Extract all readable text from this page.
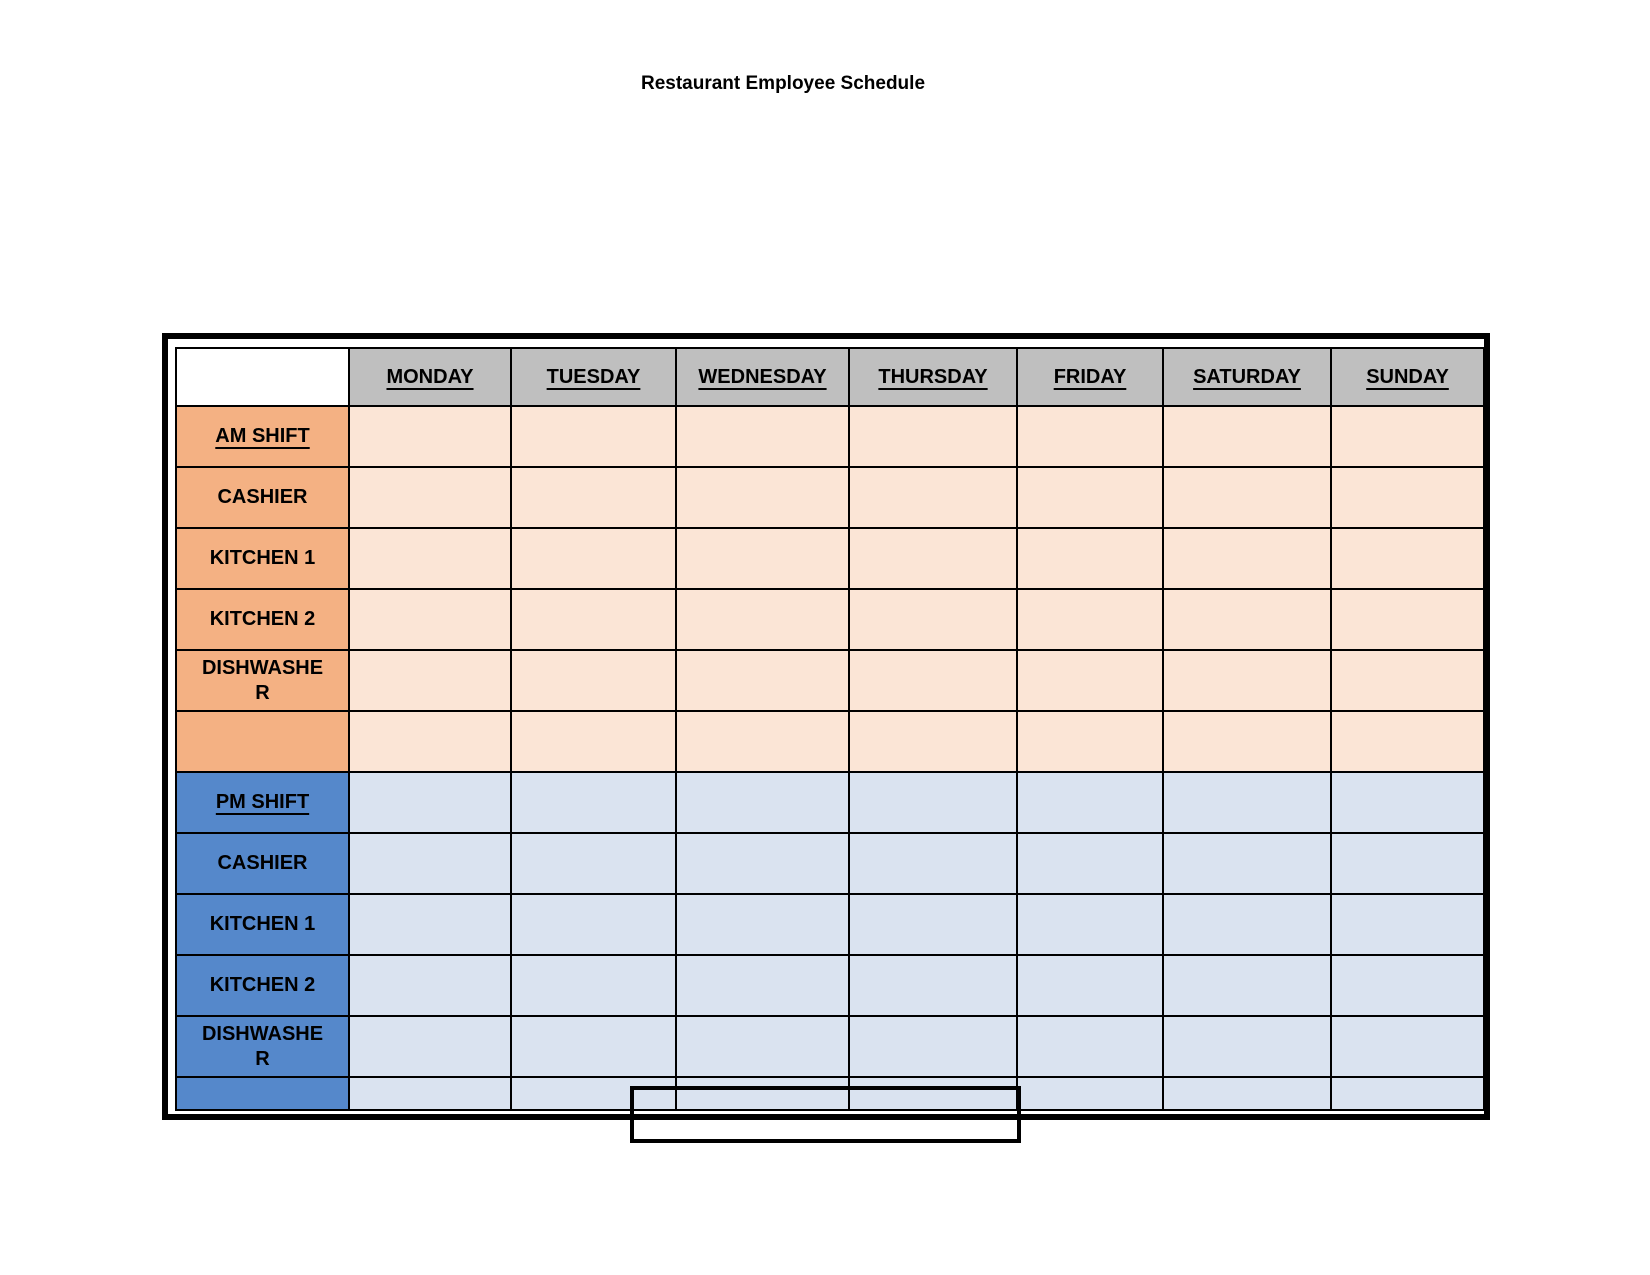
Restaurant Employee Schedule
	MONDAY	TUESDAY	WEDNESDAY	THURSDAY	FRIDAY	SATURDAY	SUNDAY
AM SHIFT							
CASHIER							
KITCHEN 1							
KITCHEN 2							
DISHWASHER							

PM SHIFT							
CASHIER							
KITCHEN 1							
KITCHEN 2							
DISHWASHER							
